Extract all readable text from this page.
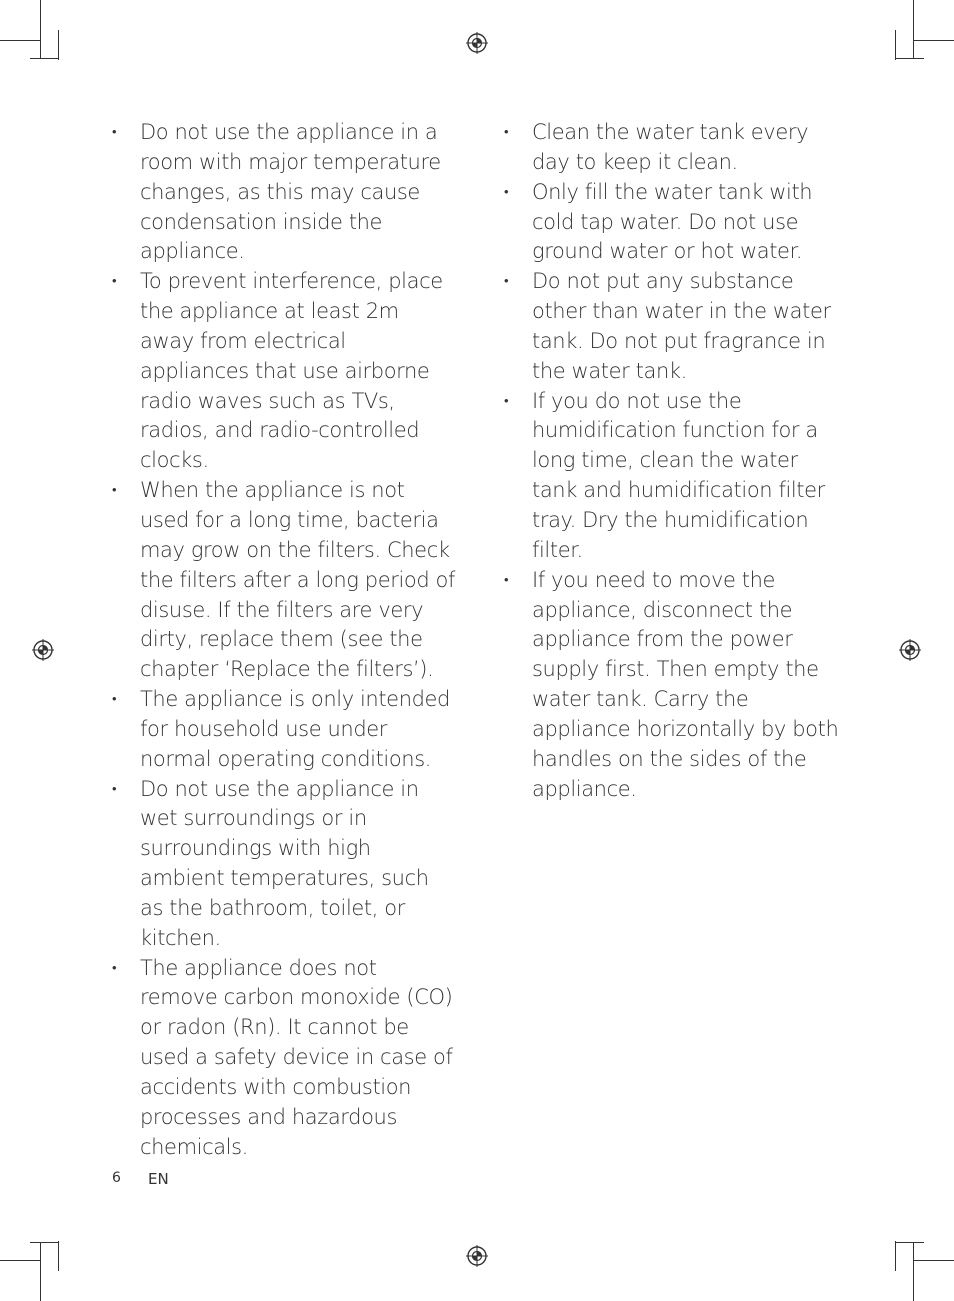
• Do not use the appliance in a room with major temperature changes, as this may cause condensation inside the appliance.
• To prevent interference, place the appliance at least 2m away from electrical appliances that use airborne radio waves such as TVs, radios, and radio-controlled clocks.
• When the appliance is not used for a long time, bacteria may grow on the filters. Check the filters after a long period of disuse. If the filters are very dirty, replace them (see the chapter ‘Replace the filters’).
• The appliance is only intended for household use under normal operating conditions.
• Do not use the appliance in wet surroundings or in surroundings with high ambient temperatures, such as the bathroom, toilet, or kitchen.
• The appliance does not remove carbon monoxide (CO) or radon (Rn). It cannot be used a safety device in case of accidents with combustion processes and hazardous chemicals.
• Clean the water tank every day to keep it clean.
• Only fill the water tank with cold tap water. Do not use ground water or hot water.
• Do not put any substance other than water in the water tank. Do not put fragrance in the water tank.
• If you do not use the humidification function for a long time, clean the water tank and humidification filter tray. Dry the humidification filter.
• If you need to move the appliance, disconnect the appliance from the power supply first. Then empty the water tank. Carry the appliance horizontally by both handles on the sides of the appliance.
6 EN
